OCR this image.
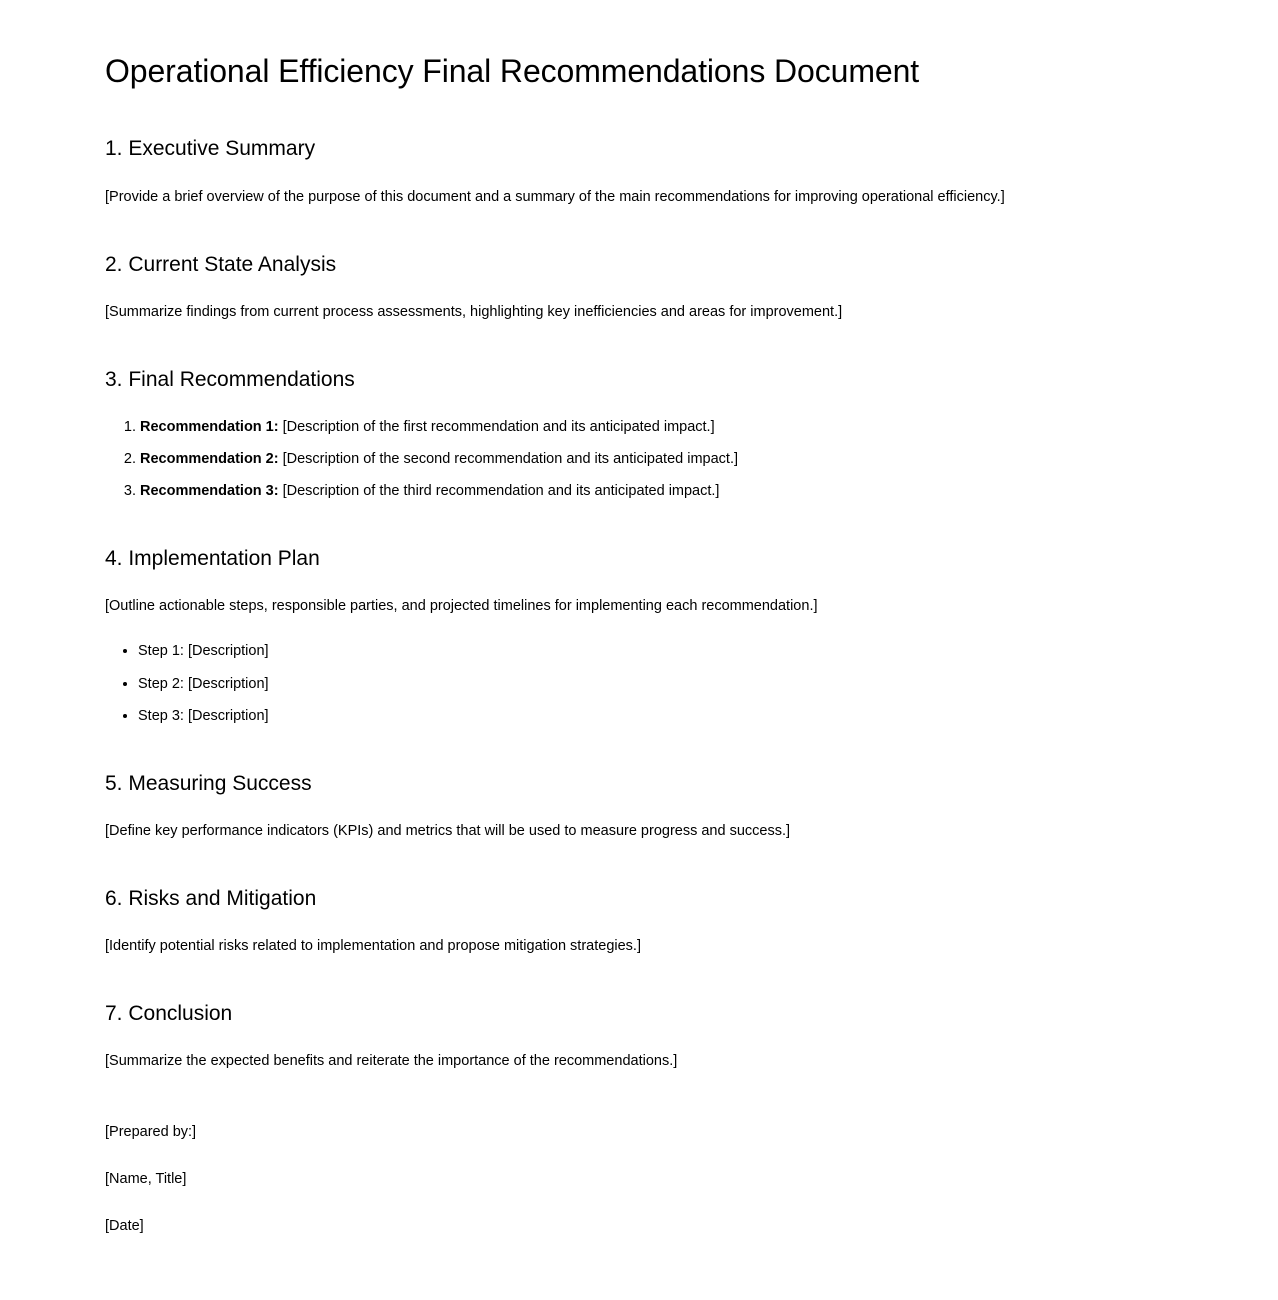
Operational Efficiency Final Recommendations Document
1. Executive Summary

[Provide a brief overview of the purpose of this document and a summary of the main recommendations for improving operational efficiency.]

2. Current State Analysis

[Summarize findings from current process assessments, highlighting key inefficiencies and areas for improvement.]

3. Final Recommendations
1. Recommendation 1: [Description of the first recommendation and its anticipated impact.]
2. Recommendation 2: [Description of the second recommendation and its anticipated impact.]
3. Recommendation 3: [Description of the third recommendation and its anticipated impact.]
4. Implementation Plan

[Outline actionable steps, responsible parties, and projected timelines for implementing each recommendation.]

• Step 1: [Description]
• Step 2: [Description]
• Step 3: [Description]
5. Measuring Success

[Define key performance indicators (KPIs) and metrics that will be used to measure progress and success.]

6. Risks and Mitigation

[Identify potential risks related to implementation and propose mitigation strategies.]

7. Conclusion

[Summarize the expected benefits and reiterate the importance of the recommendations.]

[Prepared by:]

[Name, Title]

[Date]
